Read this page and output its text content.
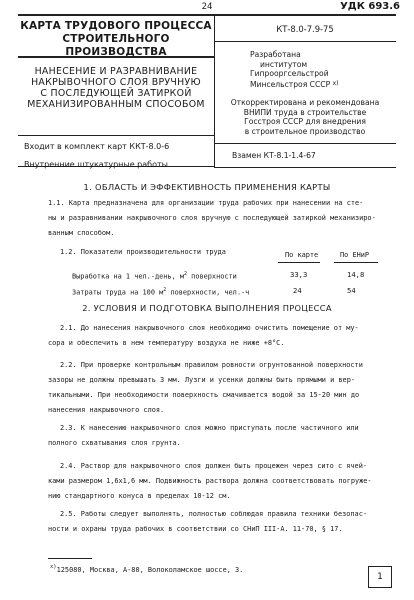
24	УДК 693.6
КАРТА ТРУДОВОГО ПРОЦЕССА
СТРОИТЕЛЬНОГО ПРОИЗВОДСТВА
НАНЕСЕНИЕ И РАЗРАВНИВАНИЕ
НАКРЫВОЧНОГО СЛОЯ ВРУЧНУЮ
С ПОСЛЕДУЮЩЕЙ ЗАТИРКОЙ
МЕХАНИЗИРОВАННЫМ СПОСОБОМ
Входит в комплект карт ККТ-8.0-6
Внутренние штукатурные работы
КТ-8.0-7.9-75
Разработана
институтом
Гипрооргсельстрой
Минсельстроя СССР $^{x)}$
Откорректирована и рекомендована
ВНИПИ труда в строительстве
Госстроя СССР для внедрения
в строительное производство
Взамен КТ-8.1-1.4-67
1. ОБЛАСТЬ И ЭФФЕКТИВНОСТЬ ПРИМЕНЕНИЯ КАРТЫ
1.1. Карта предназначена для организации труда рабочих при нанесении на сте-
ны и разравнивании накрывочного слоя вручную с последующей затиркой механизиро-
ванным способом.
1.2. Показатели производительности труда	По карте	По ЕНиР
Выработка на 1 чел.-день, $м^2$ поверхности	33,3	14,8
Затраты труда на 100 $м^2$ поверхности, чел.-ч	24	54
2. УСЛОВИЯ И ПОДГОТОВКА ВЫПОЛНЕНИЯ ПРОЦЕССА
2.1. До нанесения накрывочного слоя необходимо очистить помещение от му-
сора и обеспечить в нем температуру воздуха не ниже +8°С.
2.2. При проверке контрольным правилом ровности огрунтованной поверхности
зазоры не должны превышать 3 мм. Лузги и усенки должны быть прямыми и вер-
тикальными. При необходимости поверхность смачивается водой за 15-20 мин до
нанесения накрывочного слоя.
2.3. К нанесению накрывочного слоя можно приступать после частичного или
полного схватывания слоя грунта.
2.4. Раствор для накрывочного слоя должен быть процежен через сито с ячей-
ками размером 1,6х1,6 мм. Подвижность раствора должна соответствовать погруже-
нию стандартного конуса в пределах 10-12 см.
2.5. Работы следует выполнять, полностью соблюдая правила техники безопас-
ности и охраны труда рабочих в соответствии со СНиП III-А. 11-70, § 17.
$^{x)}$125080, Москва, А-80, Волоколамское шоссе, 3.
1
